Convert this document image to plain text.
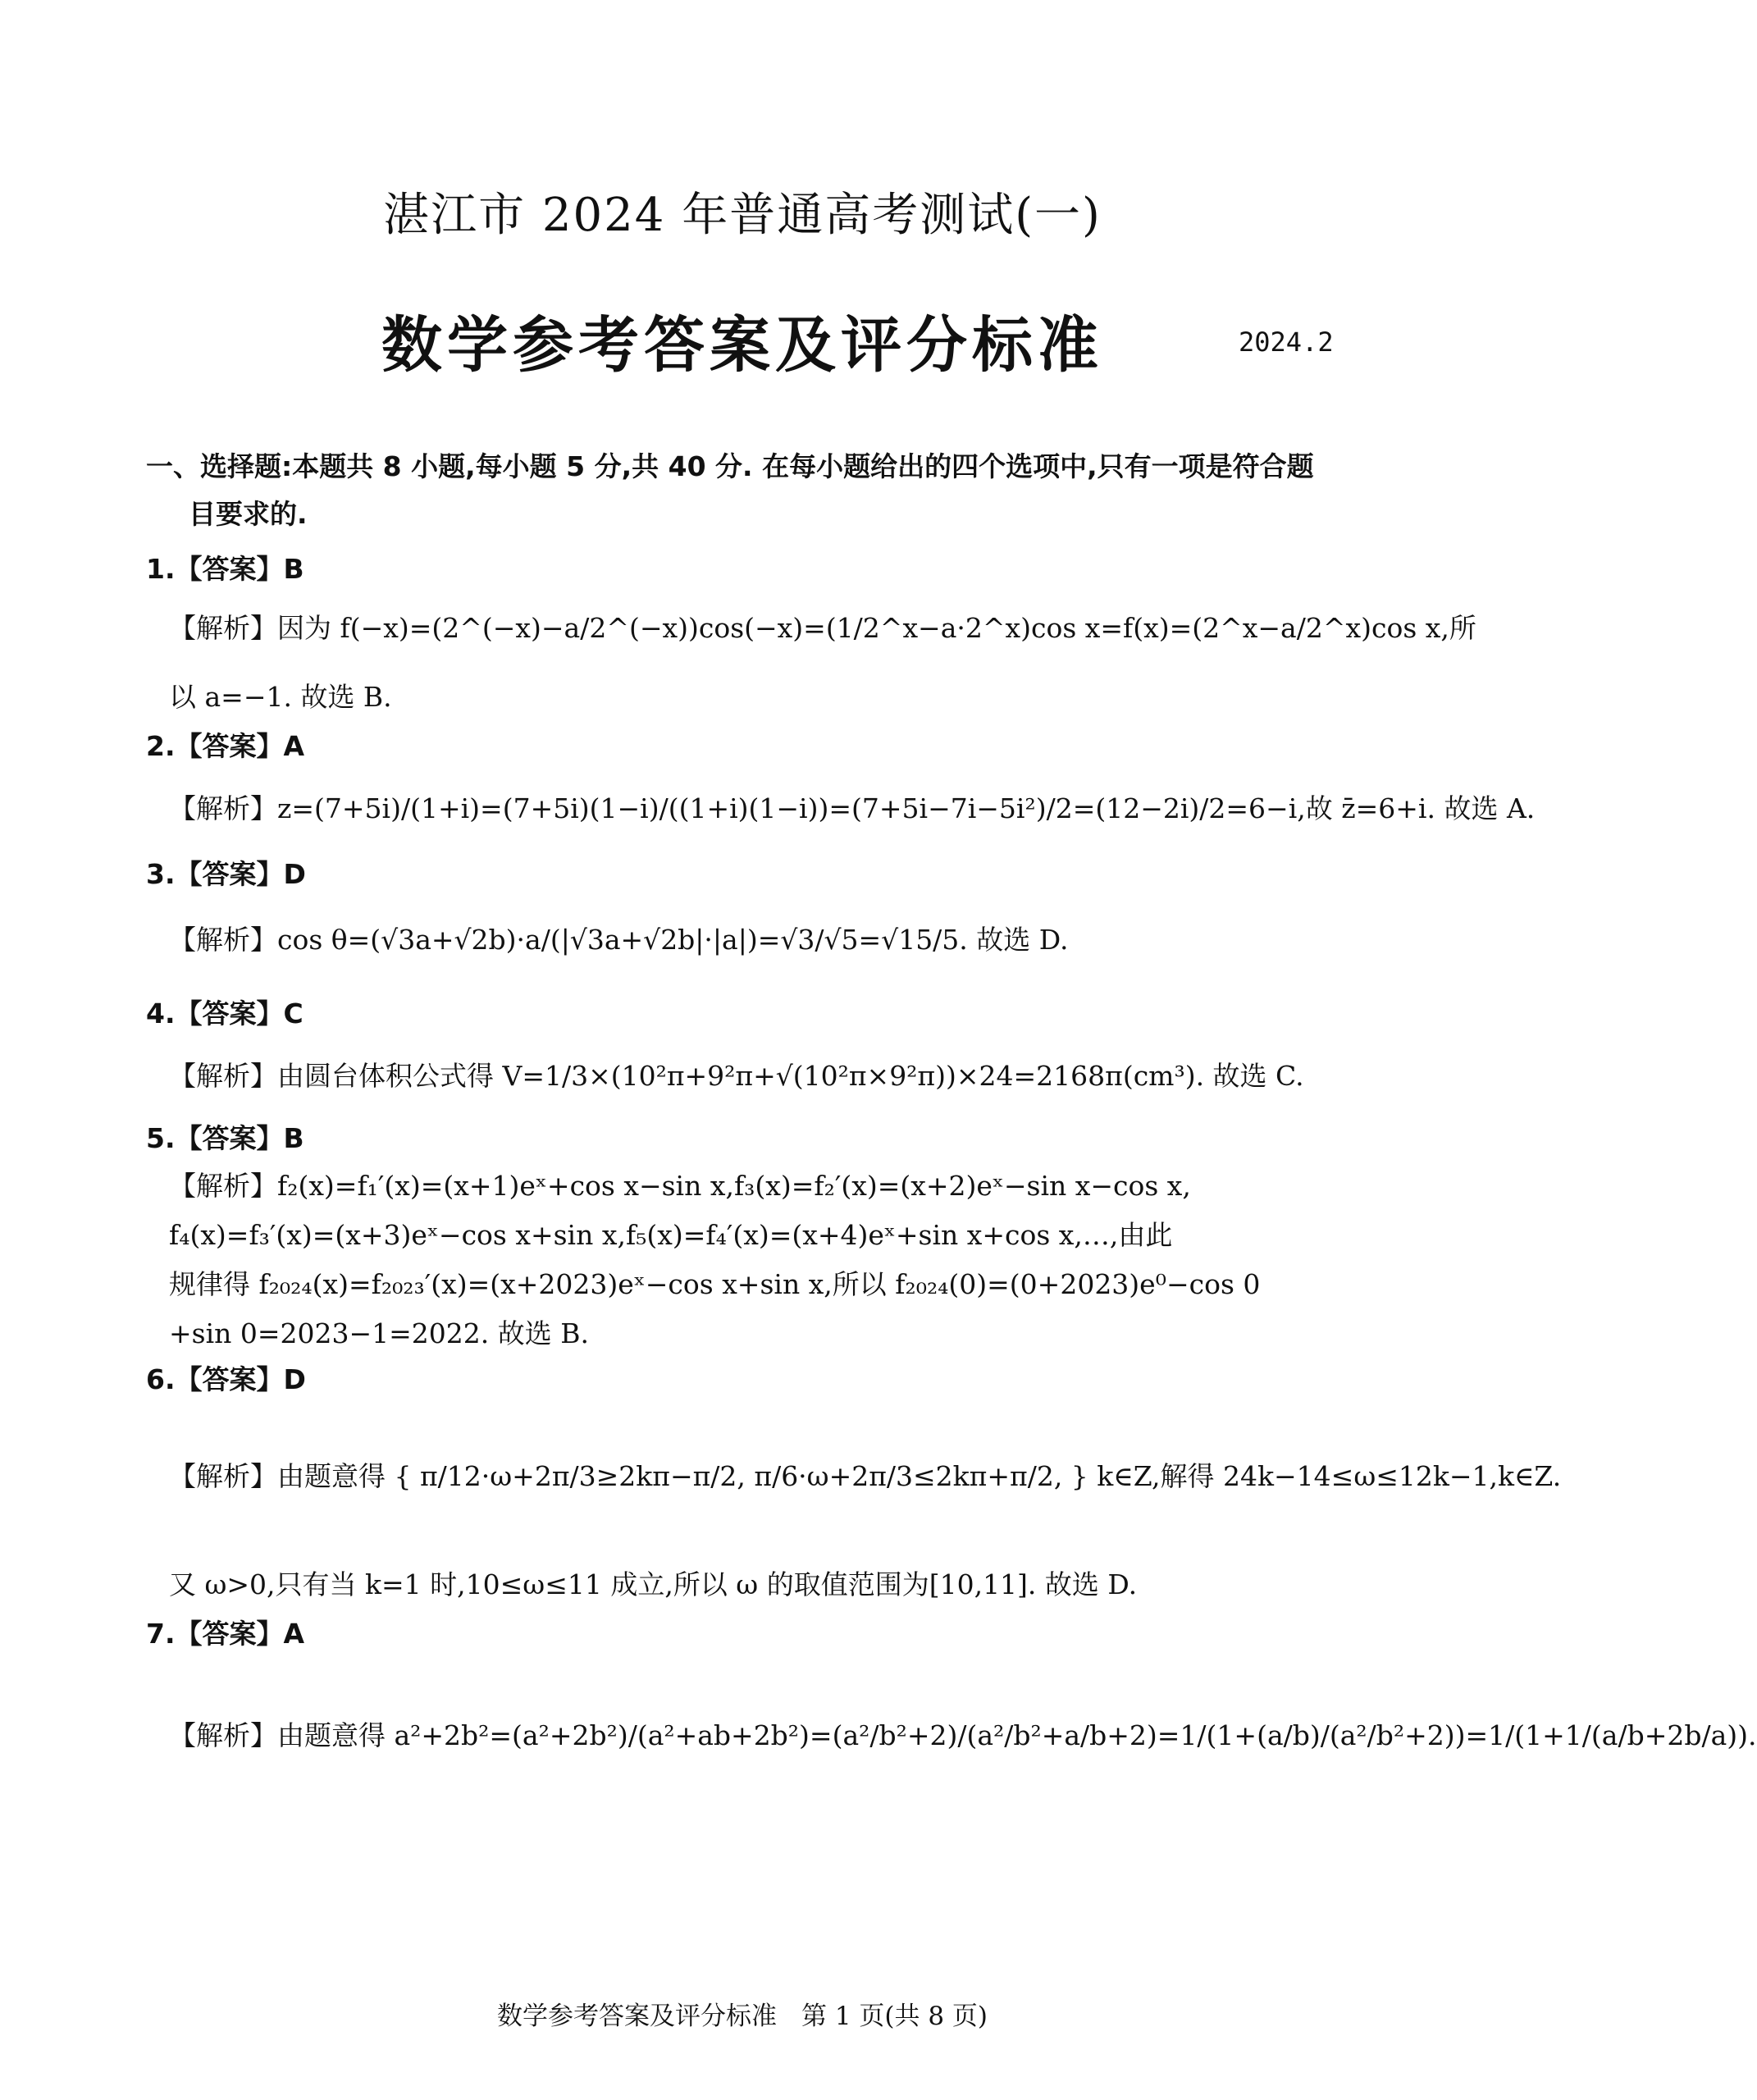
湛江市 2024 年普通高考测试(一)
数学参考答案及评分标准	2024.2
一、选择题:本题共 8 小题,每小题 5 分,共 40 分. 在每小题给出的四个选项中,只有一项是符合题
目要求的.
1.【答案】B
【解析】因为 f(−x)=(2^(−x)−a/2^(−x))cos(−x)=(1/2^x−a·2^x)cos x=f(x)=(2^x−a/2^x)cos x,所
以 a=−1. 故选 B.
2.【答案】A
【解析】z=(7+5i)/(1+i)=(7+5i)(1−i)/((1+i)(1−i))=(7+5i−7i−5i²)/2=(12−2i)/2=6−i,故 z̄=6+i. 故选 A.
3.【答案】D
【解析】cos θ=(√3a+√2b)·a/(|√3a+√2b|·|a|)=√3/√5=√15/5. 故选 D.
4.【答案】C
【解析】由圆台体积公式得 V=1/3×(10²π+9²π+√(10²π×9²π))×24=2168π(cm³). 故选 C.
5.【答案】B
【解析】f₂(x)=f₁′(x)=(x+1)eˣ+cos x−sin x,f₃(x)=f₂′(x)=(x+2)eˣ−sin x−cos x,
f₄(x)=f₃′(x)=(x+3)eˣ−cos x+sin x,f₅(x)=f₄′(x)=(x+4)eˣ+sin x+cos x,…,由此
规律得 f₂₀₂₄(x)=f₂₀₂₃′(x)=(x+2023)eˣ−cos x+sin x,所以 f₂₀₂₄(0)=(0+2023)e⁰−cos 0
+sin 0=2023−1=2022. 故选 B.
6.【答案】D
【解析】由题意得 { π/12·ω+2π/3≥2kπ−π/2, π/6·ω+2π/3≤2kπ+π/2, } k∈Z,解得 24k−14≤ω≤12k−1,k∈Z.
又 ω>0,只有当 k=1 时,10≤ω≤11 成立,所以 ω 的取值范围为[10,11]. 故选 D.
7.【答案】A
【解析】由题意得 a²+2b²=(a²+2b²)/(a²+ab+2b²)=(a²/b²+2)/(a²/b²+a/b+2)=1/(1+(a/b)/(a²/b²+2))=1/(1+1/(a/b+2b/a)).
数学参考答案及评分标准 第 1 页(共 8 页)
